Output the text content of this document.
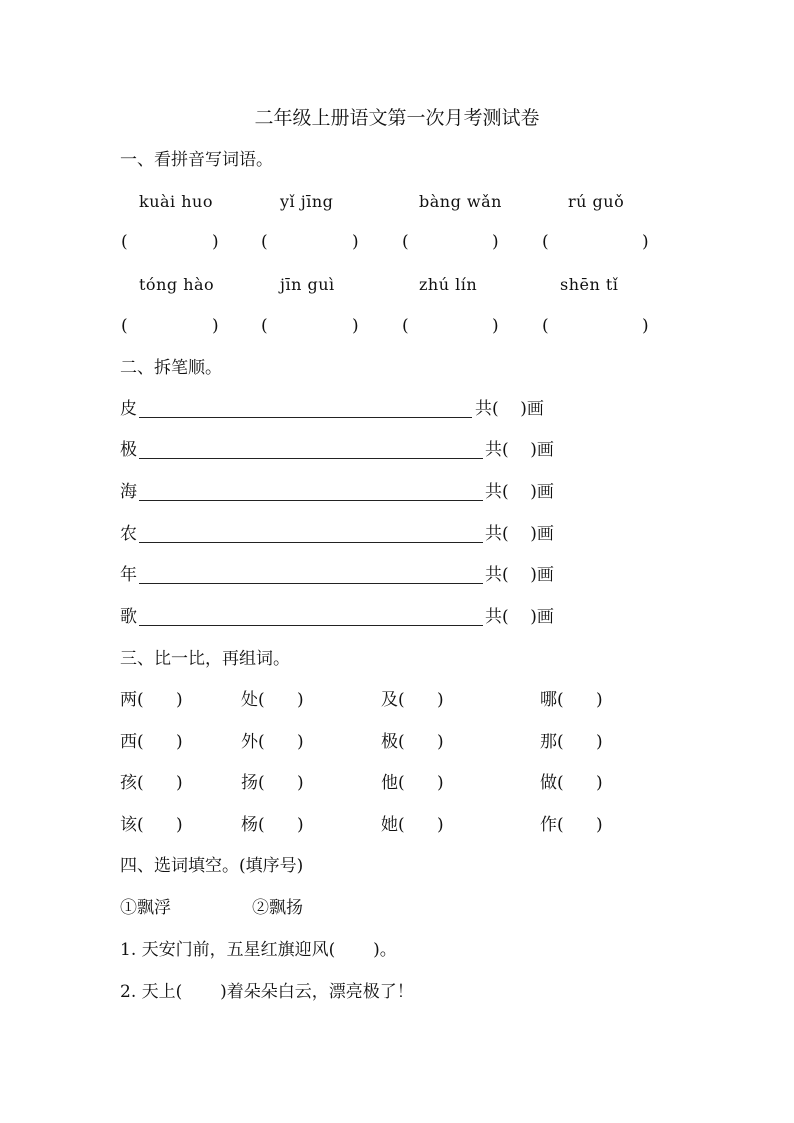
二年级上册语文第一次月考测试卷
一、看拼音写词语。
kuài huo	yǐ jīng	bàng wǎn	rú guǒ
(	) (	)	(	)	(	)
tóng hào	jīn guì	zhú lín	shēn tǐ
(	) (	)	(	)	(	)
二、拆笔顺。
皮	共(    )画
极	共(    )画
海	共(    )画
农	共(    )画
年	共(    )画
歌	共(    )画
三、比一比，再组词。
两(      )	处(      )	及(      )	哪(      )
西(      )	外(      )	极(      )	那(      )
孩(      )	扬(      )	他(      )	做(      )
该(      )	杨(      )	她(      )	作(      )
四、选词填空。(填序号)
①飘浮	②飘扬
1. 天安门前，五星红旗迎风(       )。
2. 天上(       )着朵朵白云，漂亮极了！
